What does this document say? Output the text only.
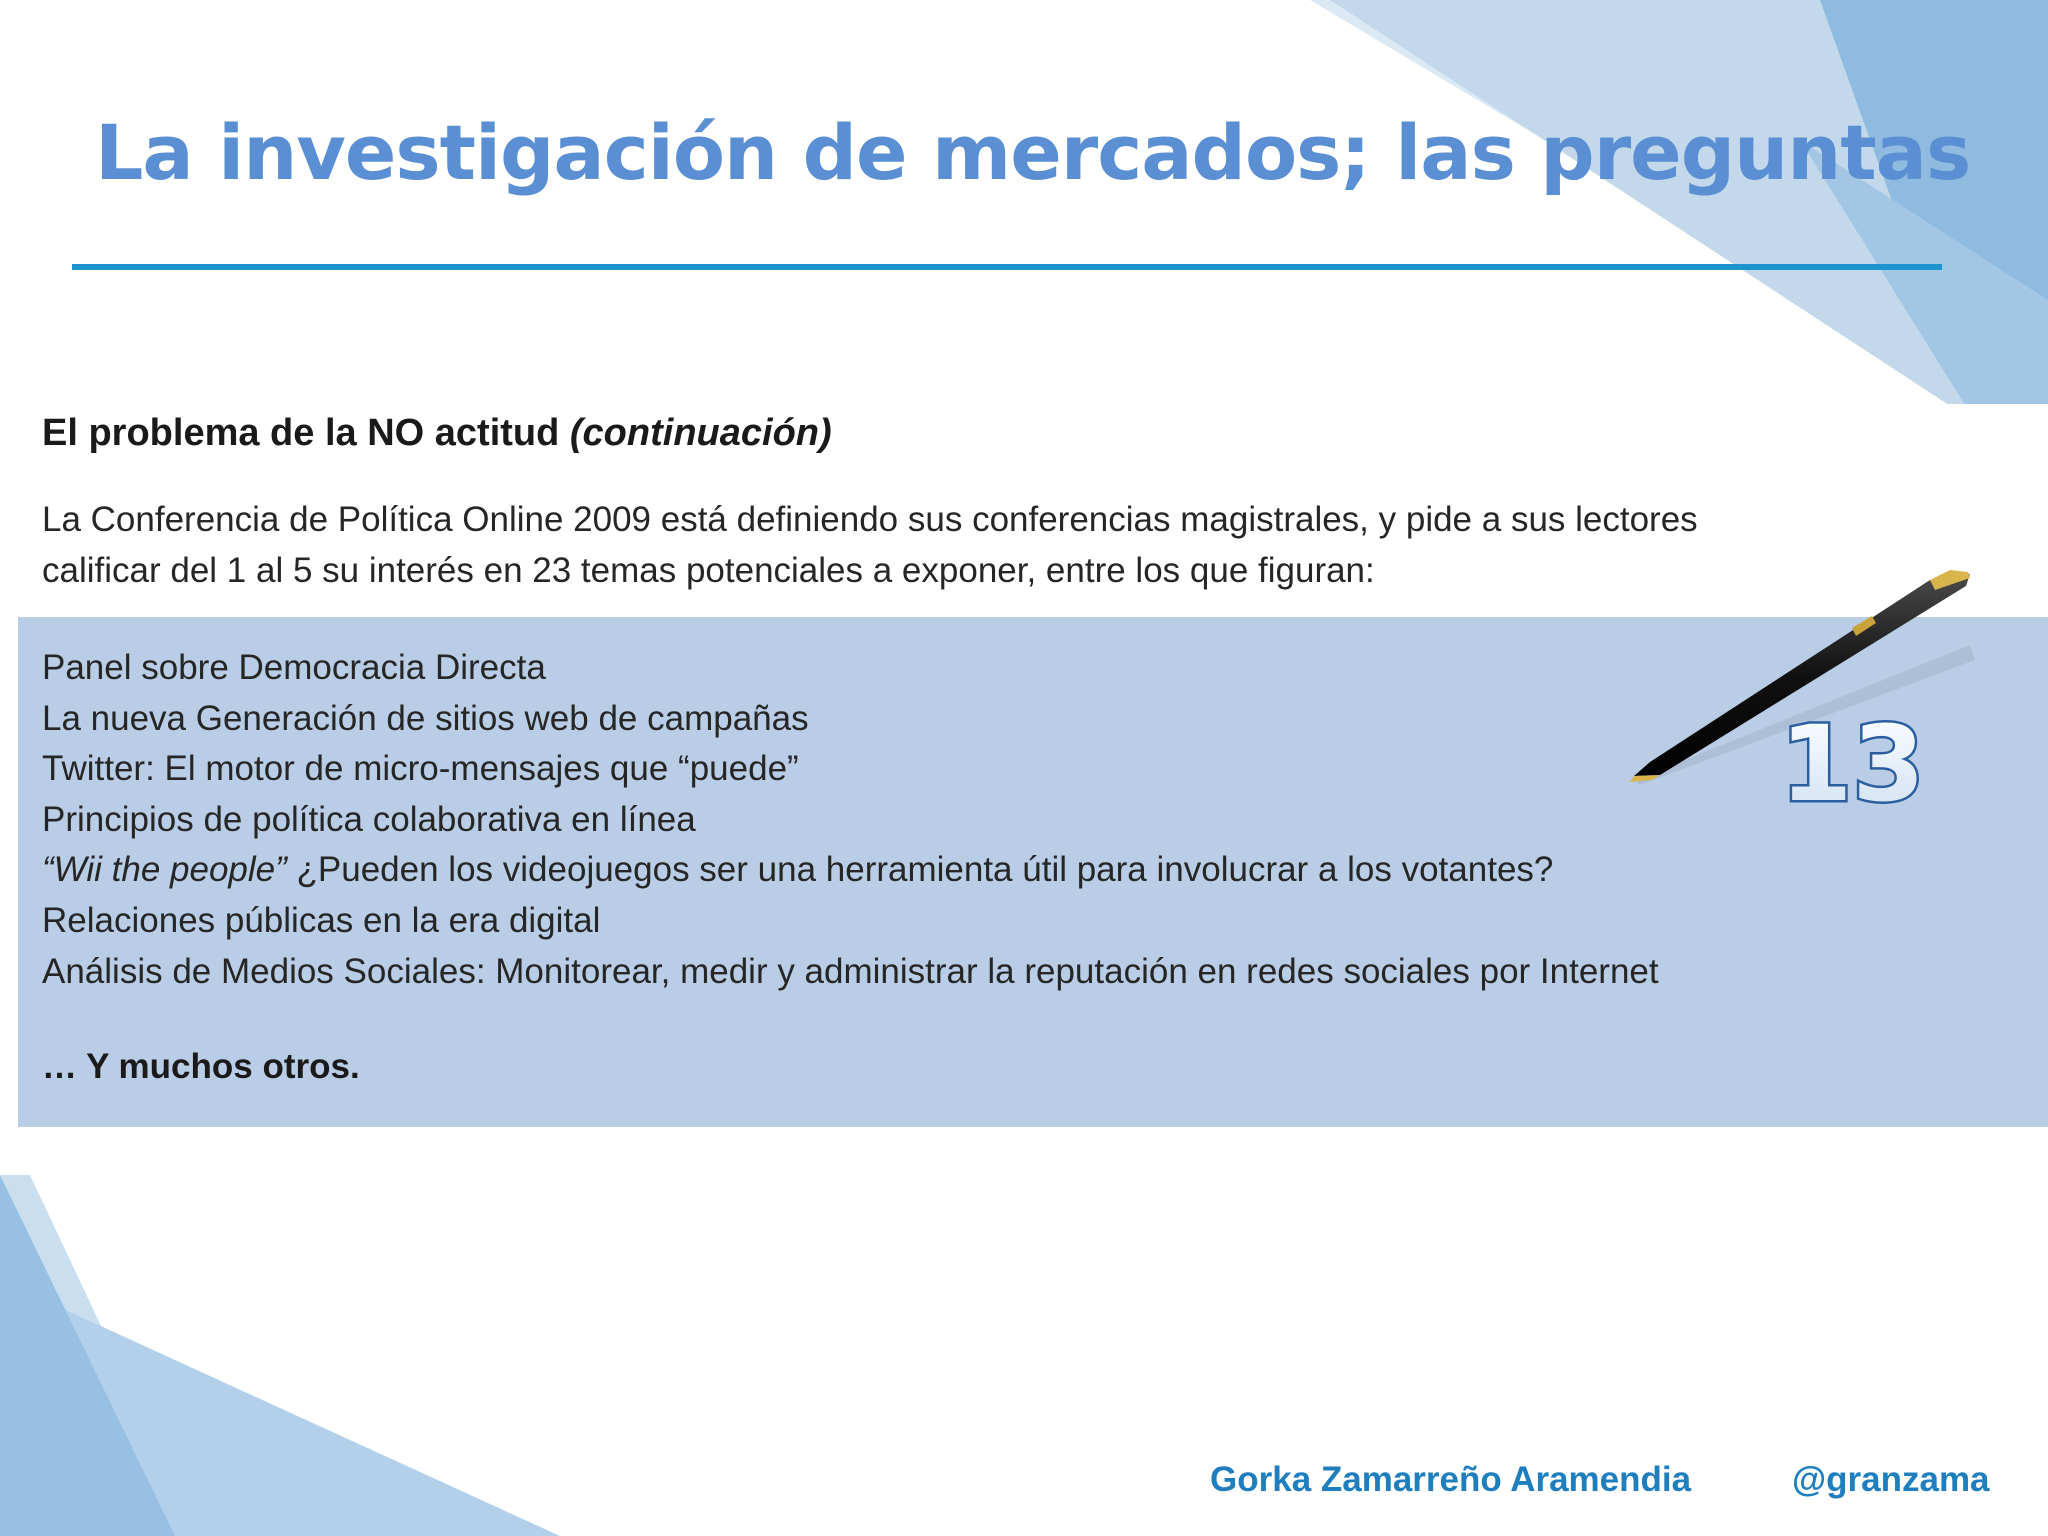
La investigación de mercados; las preguntas
El problema de la NO actitud (continuación)

La Conferencia de Política Online 2009 está definiendo sus conferencias magistrales, y pide a sus lectores
calificar del 1 al 5 su interés en 23 temas potenciales a exponer, entre los que figuran:

Panel sobre Democracia Directa
La nueva Generación de sitios web de campañas
Twitter: El motor de micro-mensajes que “puede”
Principios de política colaborativa en línea
“Wii the people” ¿Pueden los videojuegos ser una herramienta útil para involucrar a los votantes?
Relaciones públicas en la era digital
Análisis de Medios Sociales: Monitorear, medir y administrar la reputación en redes sociales por Internet

… Y muchos otros.

13
Gorka Zamarreño Aramendia	@granzama
